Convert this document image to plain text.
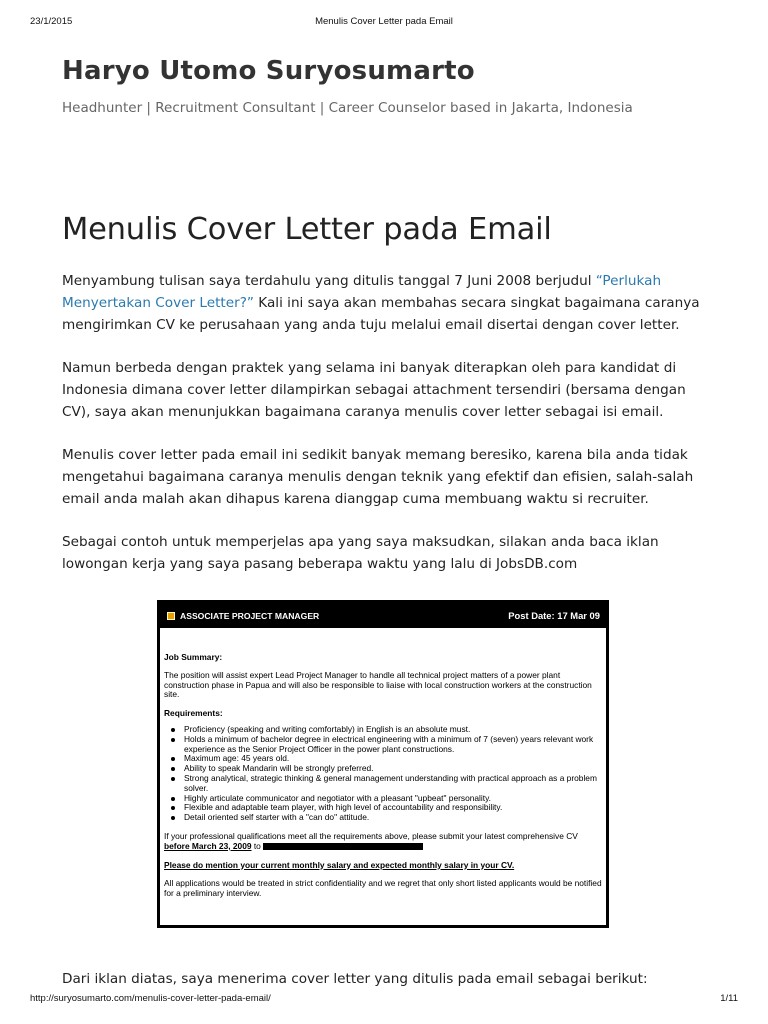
23/1/2015	Menulis Cover Letter pada Email
Haryo Utomo Suryosumarto

Headhunter | Recruitment Consultant | Career Counselor based in Jakarta, Indonesia

Menulis Cover Letter pada Email

Menyambung tulisan saya terdahulu yang ditulis tanggal 7 Juni 2008 berjudul “Perlukah Menyertakan Cover Letter?” Kali ini saya akan membahas secara singkat bagaimana caranya mengirimkan CV ke perusahaan yang anda tuju melalui email disertai dengan cover letter.

Namun berbeda dengan praktek yang selama ini banyak diterapkan oleh para kandidat di Indonesia dimana cover letter dilampirkan sebagai attachment tersendiri (bersama dengan CV), saya akan menunjukkan bagaimana caranya menulis cover letter sebagai isi email.

Menulis cover letter pada email ini sedikit banyak memang beresiko, karena bila anda tidak mengetahui bagaimana caranya menulis dengan teknik yang efektif dan efisien, salah-salah email anda malah akan dihapus karena dianggap cuma membuang waktu si recruiter.

Sebagai contoh untuk memperjelas apa yang saya maksudkan, silakan anda baca iklan lowongan kerja yang saya pasang beberapa waktu yang lalu di JobsDB.com

ASSOCIATE PROJECT MANAGER	Post Date: 17 Mar 09
Job Summary:

The position will assist expert Lead Project Manager to handle all technical project matters of a power plant construction phase in Papua and will also be responsible to liaise with local construction workers at the construction site.

Requirements:
Proficiency (speaking and writing comfortably) in English is an absolute must.
Holds a minimum of bachelor degree in electrical engineering with a minimum of 7 (seven) years relevant work experience as the Senior Project Officer in the power plant constructions.
Maximum age: 45 years old.
Ability to speak Mandarin will be strongly preferred.
Strong analytical, strategic thinking & general management understanding with practical approach as a problem solver.
Highly articulate communicator and negotiator with a pleasant "upbeat" personality.
Flexible and adaptable team player, with high level of accountability and responsibility.
Detail oriented self starter with a "can do" attitude.

If your professional qualifications meet all the requirements above, please submit your latest comprehensive CV before March 23, 2009 to

Please do mention your current monthly salary and expected monthly salary in your CV.

All applications would be treated in strict confidentiality and we regret that only short listed applicants would be notified for a preliminary interview.

Dari iklan diatas, saya menerima cover letter yang ditulis pada email sebagai berikut:

http://suryosumarto.com/menulis-cover-letter-pada-email/	1/11
